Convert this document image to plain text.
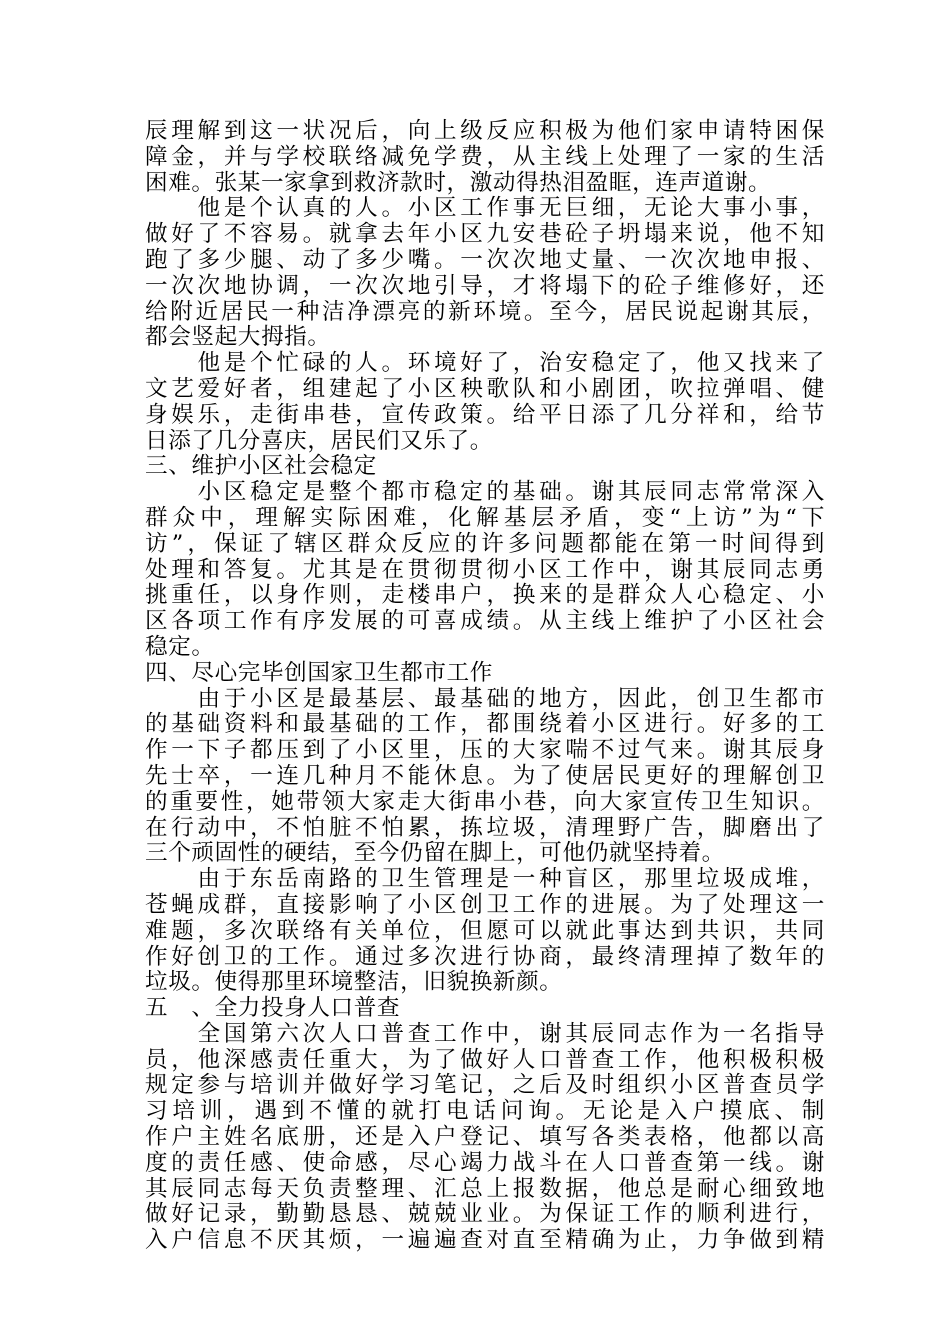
辰理解到这一状况后，向上级反应积极为他们家申请特困保
障金，并与学校联络减免学费，从主线上处理了一家的生活
困难。张某一家拿到救济款时，激动得热泪盈眶，连声道谢。
　　他是个认真的人。小区工作事无巨细，无论大事小事，
做好了不容易。就拿去年小区九安巷砼子坍塌来说，他不知
跑了多少腿、动了多少嘴。一次次地丈量、一次次地申报、
一次次地协调，一次次地引导，才将塌下的砼子维修好，还
给附近居民一种洁净漂亮的新环境。至今，居民说起谢其辰，
都会竖起大拇指。
　　他是个忙碌的人。环境好了，治安稳定了，他又找来了
文艺爱好者，组建起了小区秧歌队和小剧团，吹拉弹唱、健
身娱乐，走街串巷，宣传政策。给平日添了几分祥和，给节
日添了几分喜庆，居民们又乐了。
三、维护小区社会稳定
　　小区稳定是整个都市稳定的基础。谢其辰同志常常深入
群众中，理解实际困难，化解基层矛盾，变“上访”为“下
访”，保证了辖区群众反应的许多问题都能在第一时间得到
处理和答复。尤其是在贯彻贯彻小区工作中，谢其辰同志勇
挑重任，以身作则，走楼串户，换来的是群众人心稳定、小
区各项工作有序发展的可喜成绩。从主线上维护了小区社会
稳定。
四、尽心完毕创国家卫生都市工作
　　由于小区是最基层、最基础的地方，因此，创卫生都市
的基础资料和最基础的工作，都围绕着小区进行。好多的工
作一下子都压到了小区里，压的大家喘不过气来。谢其辰身
先士卒，一连几种月不能休息。为了使居民更好的理解创卫
的重要性，她带领大家走大街串小巷，向大家宣传卫生知识。
在行动中，不怕脏不怕累，拣垃圾，清理野广告，脚磨出了
三个顽固性的硬结，至今仍留在脚上，可他仍就坚持着。
　　由于东岳南路的卫生管理是一种盲区，那里垃圾成堆，
苍蝇成群，直接影响了小区创卫工作的进展。为了处理这一
难题，多次联络有关单位，但愿可以就此事达到共识，共同
作好创卫的工作。通过多次进行协商，最终清理掉了数年的
垃圾。使得那里环境整洁，旧貌换新颜。
五　、全力投身人口普查
　　全国第六次人口普查工作中，谢其辰同志作为一名指导
员，他深感责任重大，为了做好人口普查工作，他积极积极
规定参与培训并做好学习笔记，之后及时组织小区普查员学
习培训，遇到不懂的就打电话问询。无论是入户摸底、制
作户主姓名底册，还是入户登记、填写各类表格，他都以高
度的责任感、使命感，尽心竭力战斗在人口普查第一线。谢
其辰同志每天负责整理、汇总上报数据，他总是耐心细致地
做好记录，勤勤恳恳、兢兢业业。为保证工作的顺利进行，
入户信息不厌其烦，一遍遍查对直至精确为止，力争做到精
